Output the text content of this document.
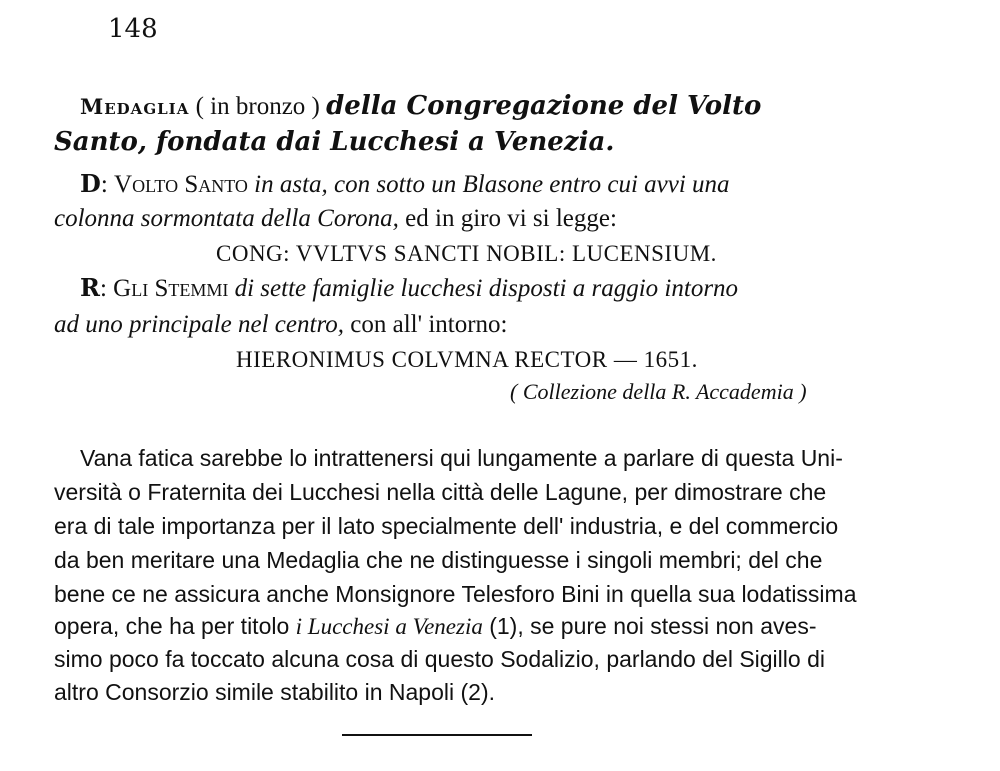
148
Medaglia ( in bronzo ) della Congregazione del Volto
Santo, fondata dai Lucchesi a Venezia.
D: Volto Santo in asta, con sotto un Blasone entro cui avvi una
colonna sormontata della Corona, ed in giro vi si legge:
CONG: VVLTVS SANCTI NOBIL: LUCENSIUM.
R: Gli Stemmi di sette famiglie lucchesi disposti a raggio intorno
ad uno principale nel centro, con all' intorno:
HIERONIMUS COLVMNA RECTOR — 1651.
( Collezione della R. Accademia )
Vana fatica sarebbe lo intrattenersi qui lungamente a parlare di questa Uni-
versità o Fraternita dei Lucchesi nella città delle Lagune, per dimostrare che
era di tale importanza per il lato specialmente dell' industria, e del commercio
da ben meritare una Medaglia che ne distinguesse i singoli membri; del che
bene ce ne assicura anche Monsignore Telesforo Bini in quella sua lodatissima
opera, che ha per titolo i Lucchesi a Venezia (1), se pure noi stessi non aves-
simo poco fa toccato alcuna cosa di questo Sodalizio, parlando del Sigillo di
altro Consorzio simile stabilito in Napoli (2).
